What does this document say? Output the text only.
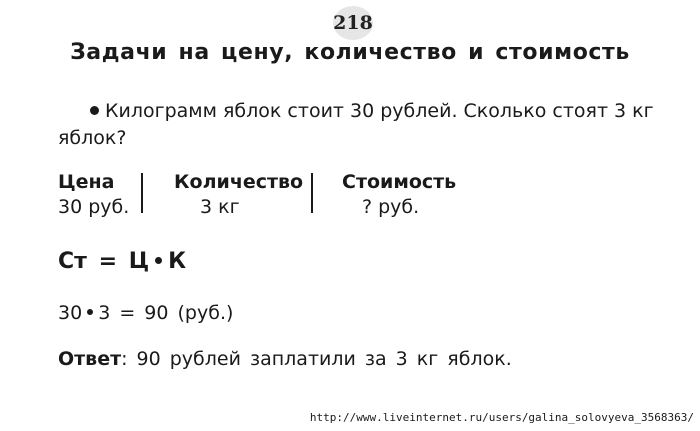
218
Задачи на цену, количество и стоимость
Килограмм яблок стоит 30 рублей. Сколько стоят 3 кг
яблок?
Цена
30 руб.
Количество
3 кг
Стоимость
? руб.
Ст = Ц К
30 3 = 90 (руб.)
Ответ: 90 рублей заплатили за 3 кг яблок.
http://www.liveinternet.ru/users/galina_solovyeva_3568363/
